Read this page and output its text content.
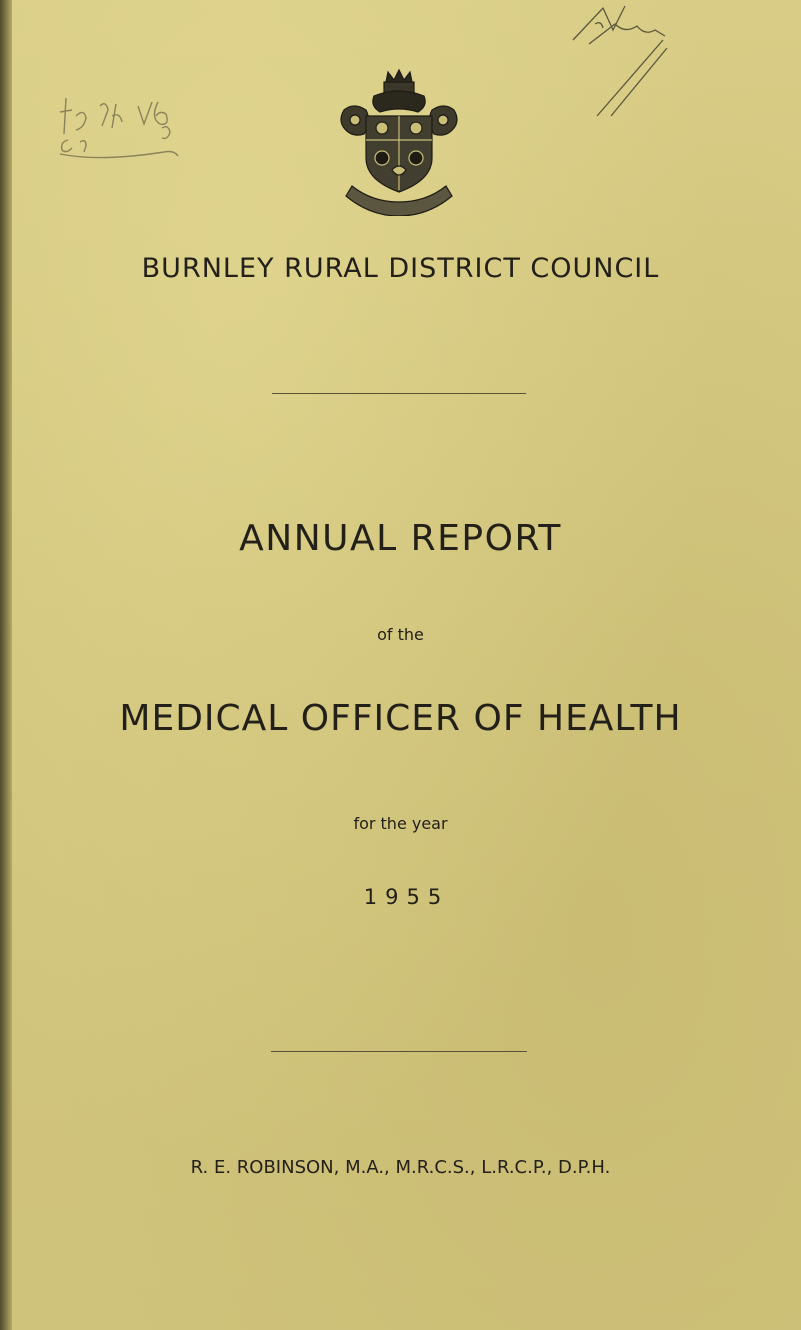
BURNLEY RURAL DISTRICT COUNCIL
ANNUAL REPORT
of the
MEDICAL OFFICER OF HEALTH
for the year
1955
R. E. ROBINSON, M.A., M.R.C.S., L.R.C.P., D.P.H.
